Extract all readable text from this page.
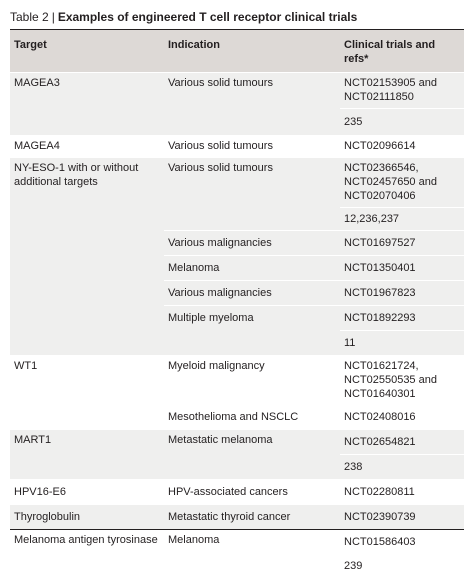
Table 2 | Examples of engineered T cell receptor clinical trials
Target	Indication	Clinical trials and refs*
MAGEA3	Various solid tumours	NCT02153905 and NCT02111850
		235
MAGEA4	Various solid tumours	NCT02096614
NY-ESO-1 with or without additional targets	Various solid tumours	NCT02366546, NCT02457650 and NCT02070406
		12,236,237
	Various malignancies	NCT01697527
	Melanoma	NCT01350401
	Various malignancies	NCT01967823
	Multiple myeloma	NCT01892293
		11
WT1	Myeloid malignancy	NCT01621724, NCT02550535 and NCT01640301
	Mesothelioma and NSCLC	NCT02408016
MART1	Metastatic melanoma	NCT02654821
		238
HPV16-E6	HPV-associated cancers	NCT02280811
Thyroglobulin	Metastatic thyroid cancer	NCT02390739
Melanoma antigen tyrosinase	Melanoma	NCT01586403
		239
